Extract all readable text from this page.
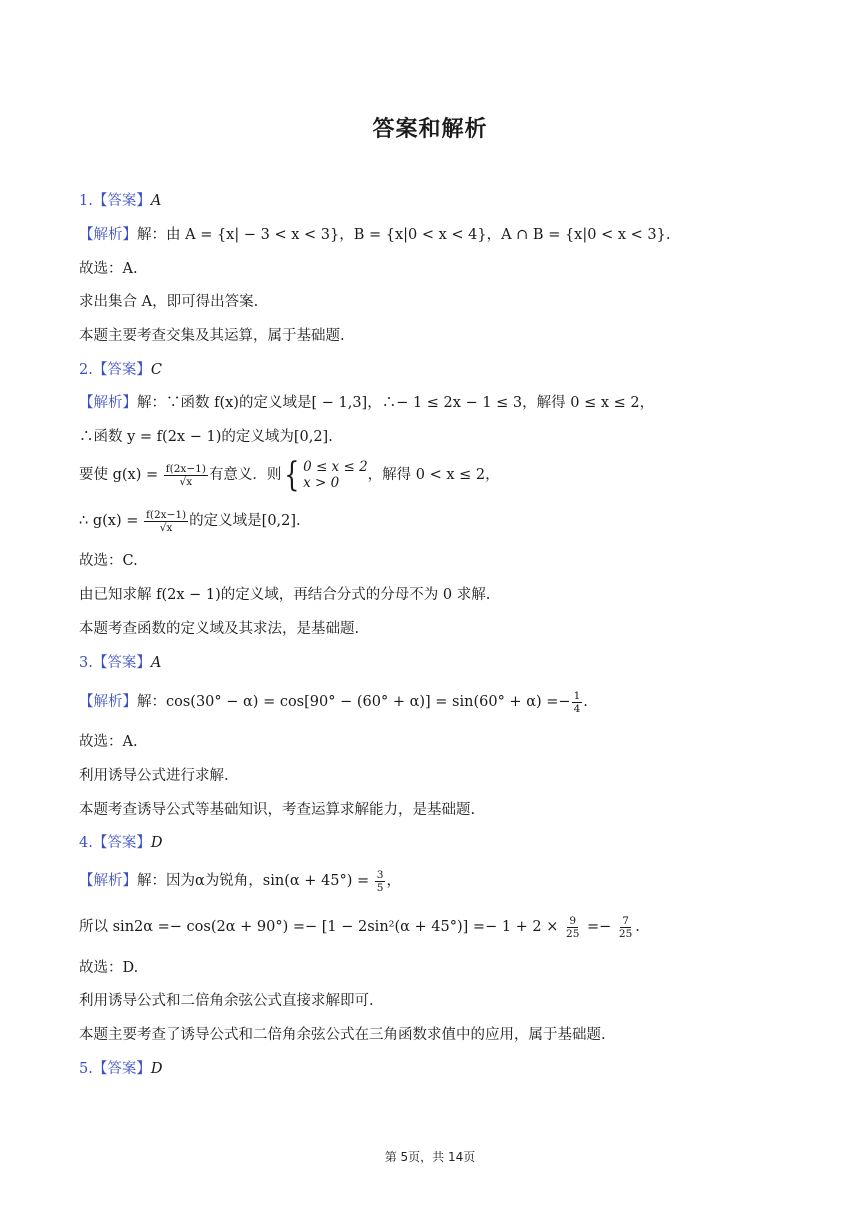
答案和解析
1.【答案】A
【解析】解：由 A = {x| − 3 < x < 3}，B = {x|0 < x < 4}，A ∩ B = {x|0 < x < 3}.
故选：A.
求出集合 A，即可得出答案.
本题主要考查交集及其运算，属于基础题.
2.【答案】C
【解析】解：∵函数 f(x)的定义域是[ − 1,3]，∴− 1 ≤ 2x − 1 ≤ 3，解得 0 ≤ x ≤ 2，
∴函数 y = f(2x − 1)的定义域为[0,2].
要使 $g(x) = \frac{f(2x-1)}{√x}$ 有意义．则 { 0 ≤ x ≤ 2
x > 0	，解得 0 < x ≤ 2，
∴ $g(x) = \frac{f(2x-1)}{√x}$ 的定义域是[0,2].
故选：C.
由已知求解 f(2x − 1)的定义域，再结合分式的分母不为 0 求解.
本题考查函数的定义域及其求法，是基础题.
3.【答案】A
【解析】解：$\cos(30^\circ - \alpha) = \cos[90^\circ - (60^\circ + \alpha)] = \sin(60^\circ + \alpha) =- \frac{1}{4}$ .
故选：A.
利用诱导公式进行求解.
本题考查诱导公式等基础知识，考查运算求解能力，是基础题.
4.【答案】D
【解析】解：因为α为锐角，$\sin(\alpha + 45^\circ) = \frac{3}{5}$ ，
所以 $\sin 2\alpha =- \cos(2\alpha + 90^\circ) =- [1 - 2\sin^2(\alpha + 45^\circ)] =- 1 + 2 \times \frac{9}{25} =- \frac{7}{25}$ .
故选：D.
利用诱导公式和二倍角余弦公式直接求解即可.
本题主要考查了诱导公式和二倍角余弦公式在三角函数求值中的应用，属于基础题.
5.【答案】D
第 5页，共 14页
